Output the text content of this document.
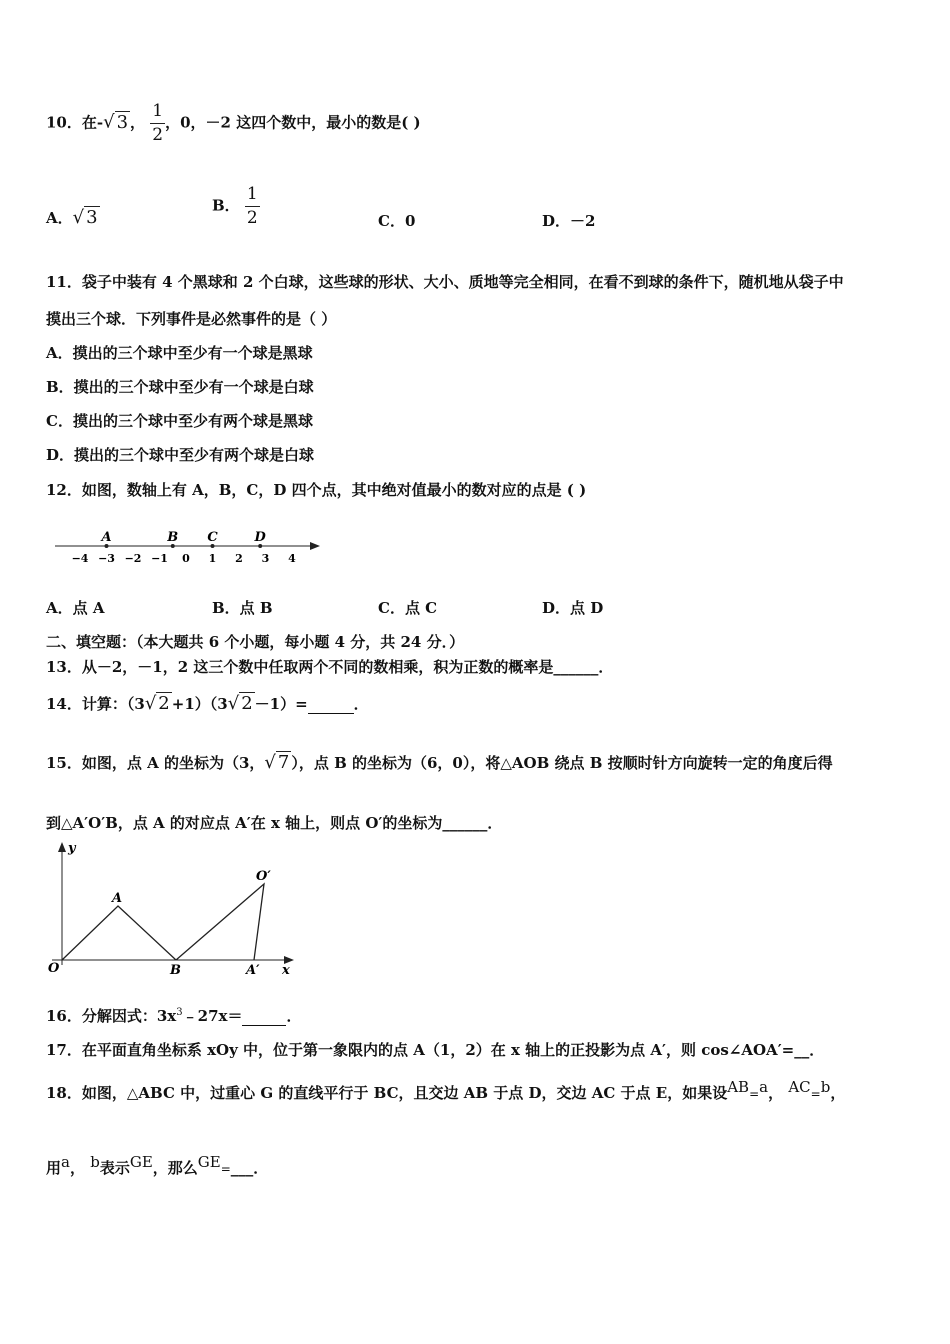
10．在-√ 3 ， $\frac{1}{2}$ ，0，－2 这四个数中，最小的数是( )
A．√ 3
B． $\frac{1}{2}$	C．0	D．－2
11．袋子中装有 4 个黑球和 2 个白球，这些球的形状、大小、质地等完全相同，在看不到球的条件下，随机地从袋子中
摸出三个球．下列事件是必然事件的是（ ）
A．摸出的三个球中至少有一个球是黑球
B．摸出的三个球中至少有一个球是白球
C．摸出的三个球中至少有两个球是黑球
D．摸出的三个球中至少有两个球是白球
12．如图，数轴上有 A，B，C，D 四个点，其中绝对值最小的数对应的点是 ( )
−4 −3 −2 −1 0 1 2 3 4
A	B C	D
A．点 A	B．点 B	C．点 C	D．点 D
二、填空题：（本大题共 6 个小题，每小题 4 分，共 24 分．）
13．从－2，－1，2 这三个数中任取两个不同的数相乘，积为正数的概率是______．
14．计算：（3√ 2 +1）（3√ 2 －1）=	．
15．如图，点 A 的坐标为（3，√ 7 ），点 B 的坐标为（6，0），将△AOB 绕点 B 按顺时针方向旋转一定的角度后得
到△A′O′B，点 A 的对应点 A′在 x 轴上，则点 O′的坐标为______．
y
O
A
B	A′
O′
x
16．分解因式：$3x^3﹣27x=$	．
17．在平面直角坐标系 xOy 中，位于第一象限内的点 A（1，2）在 x 轴上的正投影为点 A′，则 cos∠AOA′=__．
18．如图，△ABC 中，过重心 G 的直线平行于 BC，且交边 AB 于点 D，交边 AC 于点 E，如果设AB=a， AC=b，
用a， b表示GE，那么GE=___．
